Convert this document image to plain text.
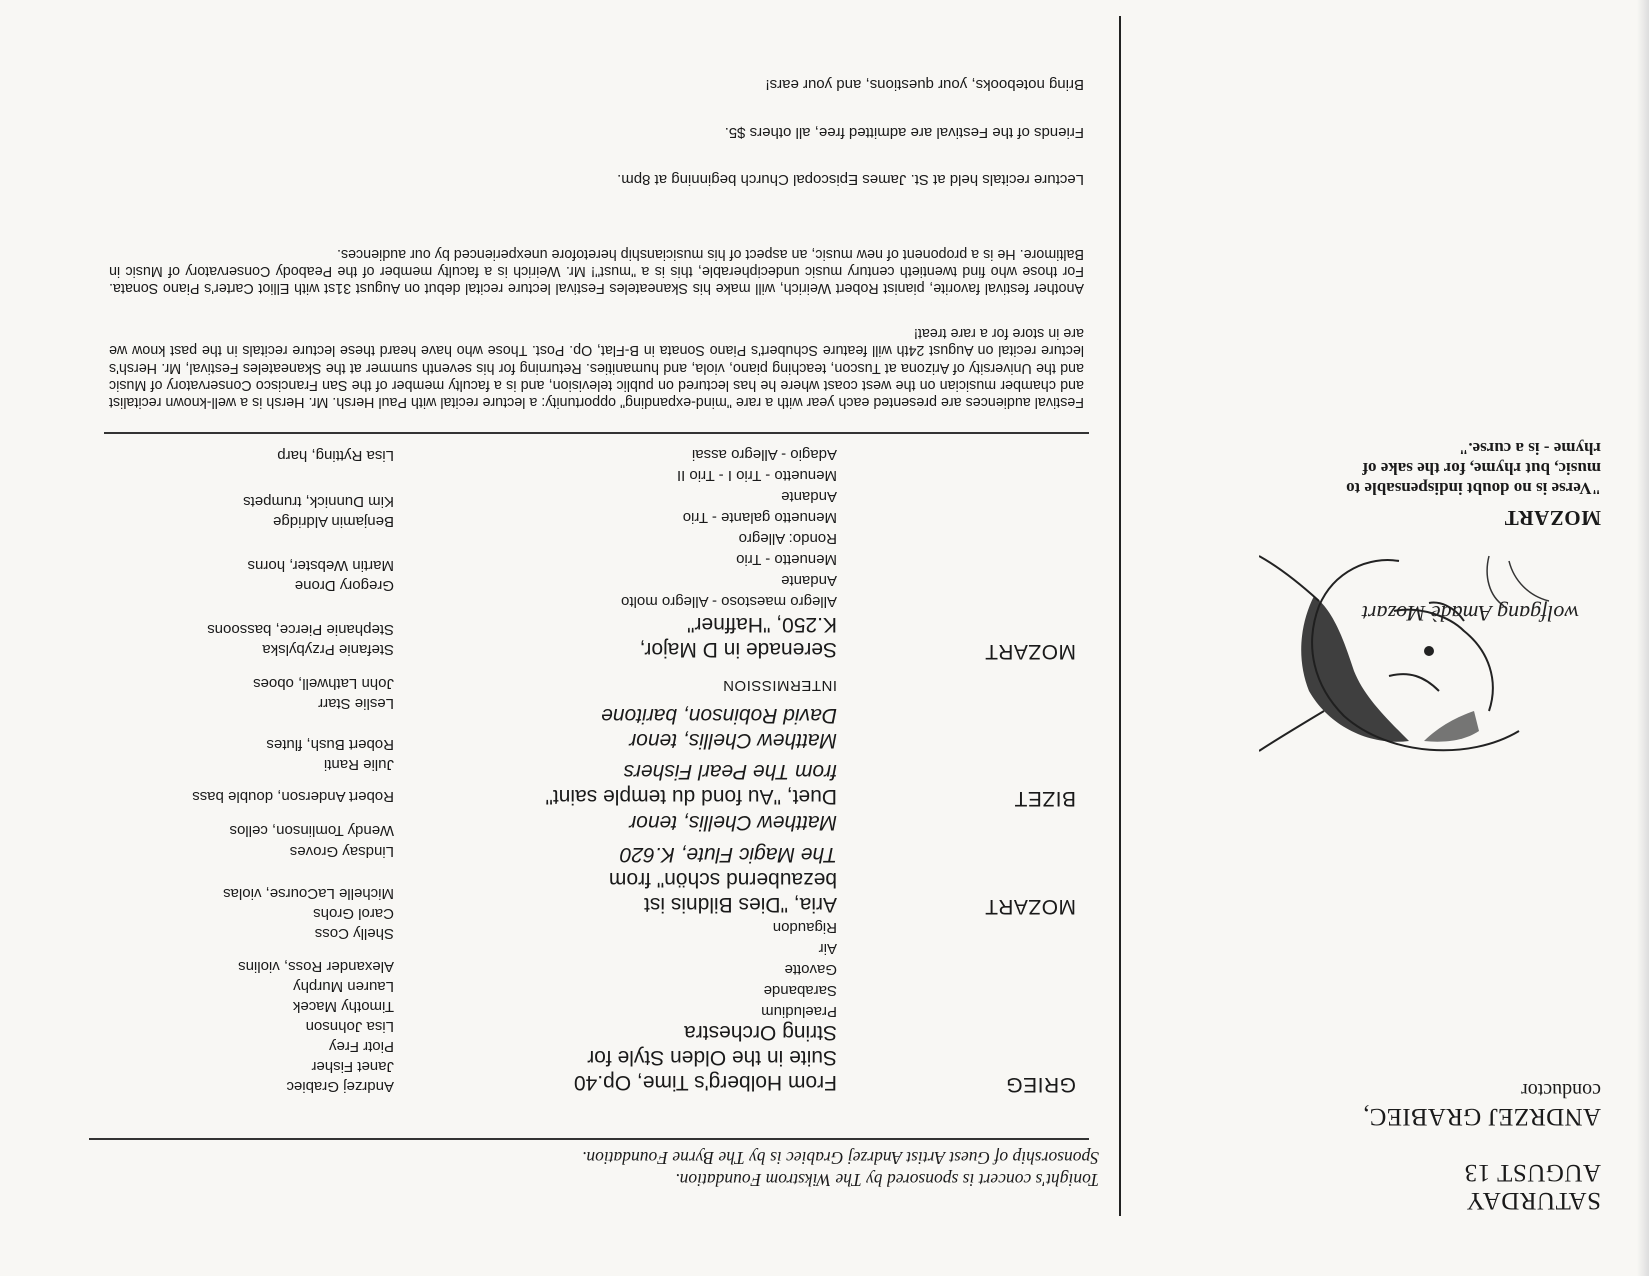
SATURDAY
AUGUST 13
ANDRZEJ GRABIEC,
conductor
wolfgang Amadè Mozart
MOZART
"Verse is no doubt indispensable to music, but rhyme, for the sake of rhyme - is a curse."
Tonight's concert is sponsored by The Wikstrom Foundation.
Sponsorship of Guest Artist Andrzej Grabiec is by The Byrne Foundation.
GRIEG
From Holberg's Time, Op.40
Suite in the Olden Style for
String Orchestra
Praeludium
Sarabande
Gavotte
Air
Rigaudon
MOZART
Aria, "Dies Bildnis ist
bezaubernd schön" from
The Magic Flute, K.620
Matthew Chellis, tenor
BIZET
Duet, "Au fond du temple saint"
from The Pearl Fishers
Matthew Chellis, tenor
David Robinson, baritone
INTERMISSION
MOZART
Serenade in D Major,
K.250, "Haffner"
Allegro maestoso - Allegro molto
Andante
Menuetto - Trio
Rondo: Allegro
Menuetto galante - Trio
Andante
Menuetto - Trio I - Trio II
Adagio - Allegro assai
Andrzej Grabiec
Janet Fisher
Piotr Frey
Lisa Johnson
Timothy Macek
Lauren Murphy
Alexander Ross, violins
Shelly Coss
Carol Grohs
Michelle LaCourse, violas
Lindsay Groves
Wendy Tomlinson, cellos
Robert Anderson, double bass
Julie Ranti
Robert Bush, flutes
Leslie Starr
John Lathwell, oboes
Stefanie Przybylska
Stephanie Pierce, bassoons
Gregory Drone
Martin Webster, horns
Benjamin Aldridge
Kim Dunnick, trumpets
Lisa Rytting, harp
Festival audiences are presented each year with a rare "mind-expanding" opportunity: a lecture recital with Paul Hersh. Mr. Hersh is a well-known recitalist and chamber musician on the west coast where he has lectured on public television, and is a faculty member of the San Francisco Conservatory of Music and the University of Arizona at Tuscon, teaching piano, viola, and humanities. Returning for his seventh summer at the Skaneateles Festival, Mr. Hersh's lecture recital on August 24th will feature Schubert's Piano Sonata in B-Flat, Op. Post. Those who have heard these lecture recitals in the past know we are in store for a rare treat!
Another festival favorite, pianist Robert Weirich, will make his Skaneateles Festival lecture recital debut on August 31st with Elliot Carter's Piano Sonata. For those who find twentieth century music undecipherable, this is a "must"! Mr. Weirich is a faculty member of the Peabody Conservatory of Music in Baltimore. He is a proponent of new music, an aspect of his musicianship heretofore unexperienced by our audiences.
Lecture recitals held at St. James Episcopal Church beginning at 8pm.
Friends of the Festival are admitted free, all others $5.
Bring notebooks, your questions, and your ears!
